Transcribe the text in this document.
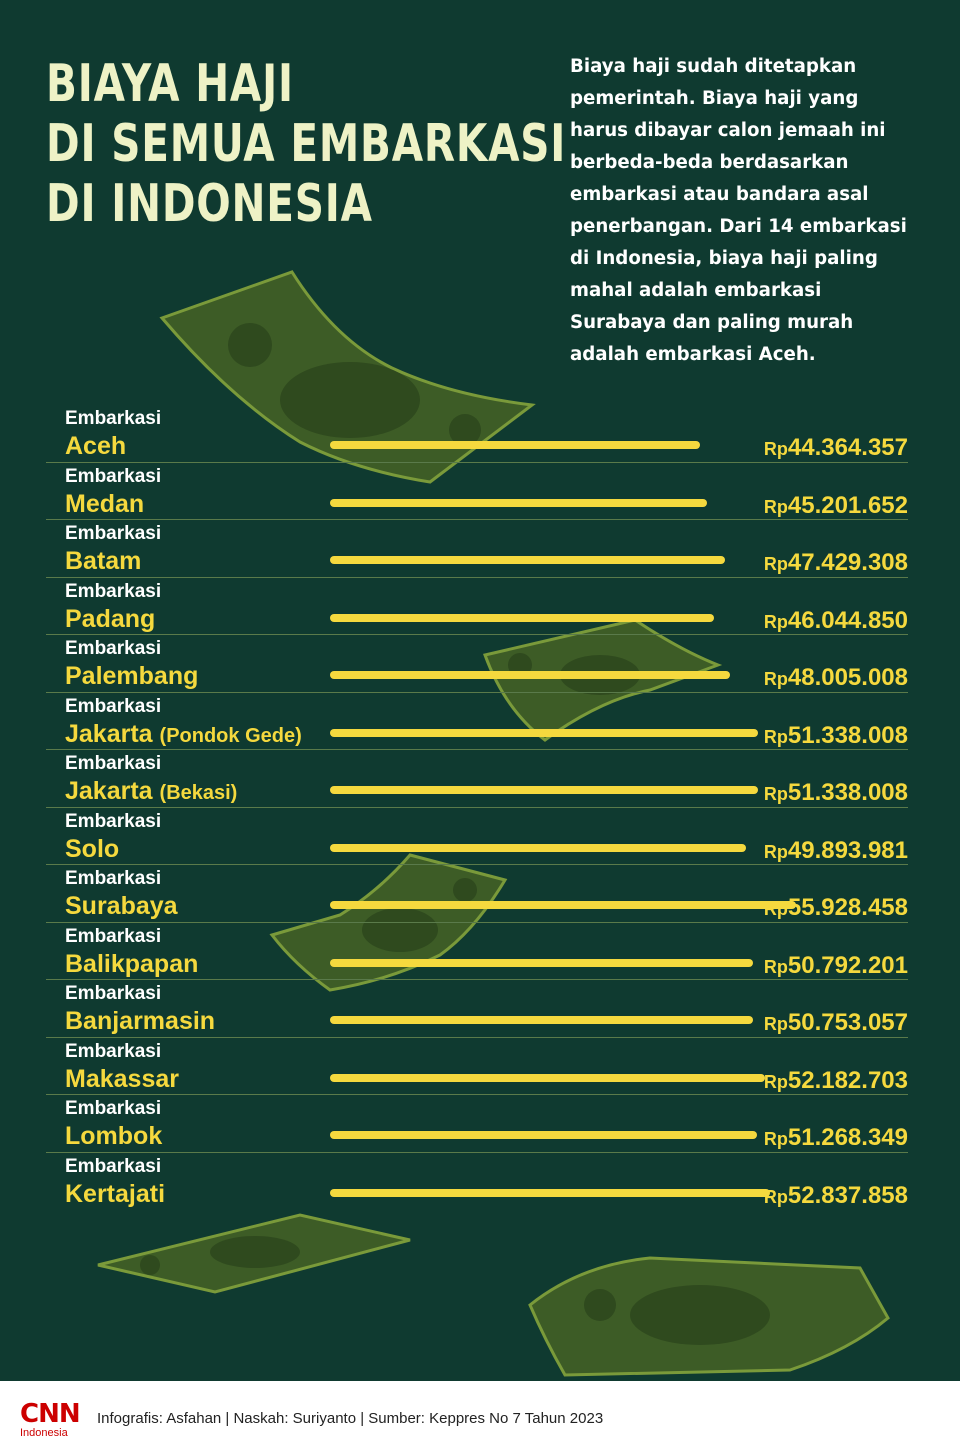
BIAYA HAJI
DI SEMUA EMBARKASI
DI INDONESIA

Biaya haji sudah ditetapkan
pemerintah. Biaya haji yang
harus dibayar calon jemaah ini
berbeda-beda berdasarkan
embarkasi atau bandara asal
penerbangan. Dari 14 embarkasi
di Indonesia, biaya haji paling
mahal adalah embarkasi
Surabaya dan paling murah
adalah embarkasi Aceh.

Embarkasi
Aceh	Rp44.364.357
Embarkasi
Medan	Rp45.201.652
Embarkasi
Batam	Rp47.429.308
Embarkasi
Padang	Rp46.044.850
Embarkasi
Palembang	Rp48.005.008
Embarkasi
Jakarta (Pondok Gede)	Rp51.338.008
Embarkasi
Jakarta (Bekasi)	Rp51.338.008
Embarkasi
Solo	Rp49.893.981
Embarkasi
Surabaya	Rp55.928.458
Embarkasi
Balikpapan	Rp50.792.201
Embarkasi
Banjarmasin	Rp50.753.057
Embarkasi
Makassar	Rp52.182.703
Embarkasi
Lombok	Rp51.268.349
Embarkasi
Kertajati	Rp52.837.858
CNN
Indonesia
Infografis: Asfahan | Naskah: Suriyanto | Sumber: Keppres No 7 Tahun 2023
